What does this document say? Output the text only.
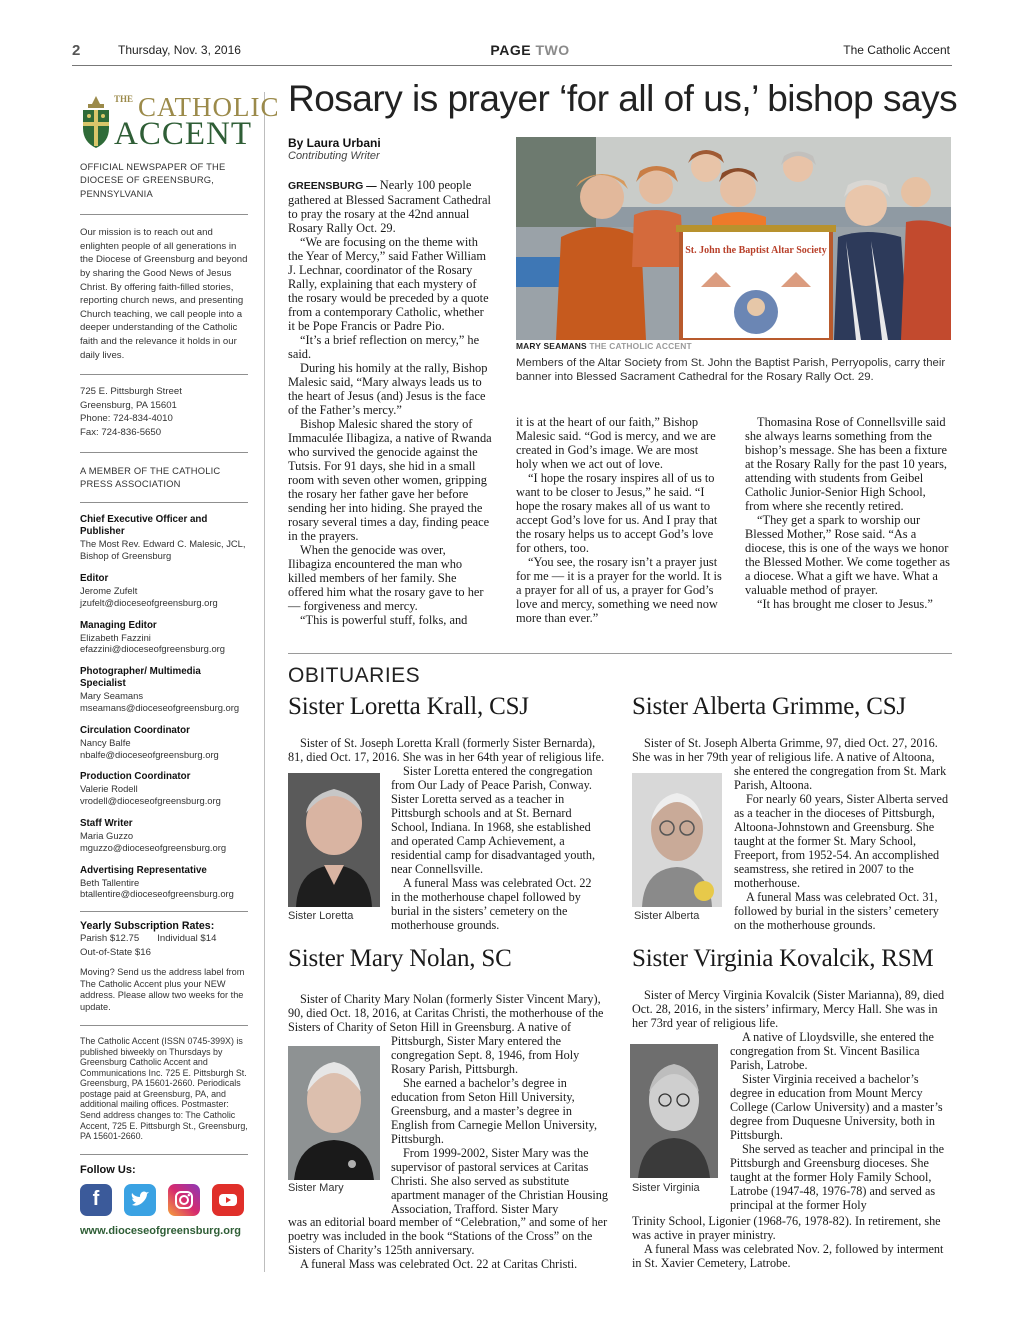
2	Thursday, Nov. 3, 2016	PAGE TWO	The Catholic Accent
THE CATHOLIC
ACCENT
OFFICIAL NEWSPAPER OF THE DIOCESE OF GREENSBURG, PENNSYLVANIA
Our mission is to reach out and enlighten people of all generations in the Diocese of Greensburg and beyond by sharing the Good News of Jesus Christ. By offering faith-filled stories, reporting church news, and presenting Church teaching, we call people into a deeper understanding of the Catholic faith and the relevance it holds in our daily lives.
725 E. Pittsburgh Street
Greensburg, PA 15601
Phone: 724-834-4010
Fax: 724-836-5650
A MEMBER OF THE CATHOLIC PRESS ASSOCIATION
Chief Executive Officer and Publisher
The Most Rev. Edward C. Malesic, JCL,
Bishop of Greensburg
Editor
Jerome Zufelt
jzufelt@dioceseofgreensburg.org
Managing Editor
Elizabeth Fazzini
efazzini@dioceseofgreensburg.org
Photographer/ Multimedia Specialist
Mary Seamans
mseamans@dioceseofgreensburg.org
Circulation Coordinator
Nancy Balfe
nbalfe@dioceseofgreensburg.org
Production Coordinator
Valerie Rodell
vrodell@dioceseofgreensburg.org
Staff Writer
Maria Guzzo
mguzzo@dioceseofgreensburg.org
Advertising Representative
Beth Tallentire
btallentire@dioceseofgreensburg.org
Yearly Subscription Rates:
Parish $12.75 Individual $14
Out-of-State $16
Moving? Send us the address label from The Catholic Accent plus your NEW address. Please allow two weeks for the update.
The Catholic Accent (ISSN 0745-399X) is published biweekly on Thursdays by Greensburg Catholic Accent and Communications Inc. 725 E. Pittsburgh St. Greensburg, PA 15601-2660. Periodicals postage paid at Greensburg, PA, and additional mailing offices. Postmaster: Send address changes to: The Catholic Accent, 725 E. Pittsburgh St., Greensburg, PA 15601-2660.
Follow Us:
f
www.dioceseofgreensburg.org
Rosary is prayer ‘for all of us,’ bishop says
By Laura Urbani
Contributing Writer

GREENSBURG — Nearly 100 people gathered at Blessed Sacrament Cathedral to pray the rosary at the 42nd annual Rosary Rally Oct. 29.

“We are focusing on the theme with the Year of Mercy,” said Father William J. Lechnar, coordinator of the Rosary Rally, explaining that each mystery of the rosary would be preceded by a quote from a contemporary Catholic, whether it be Pope Francis or Padre Pio.

“It’s a brief reflection on mercy,” he said.

During his homily at the rally, Bishop Malesic said, “Mary always leads us to the heart of Jesus (and) Jesus is the face of the Father’s mercy.”

Bishop Malesic shared the story of Immaculée Ilibagiza, a native of Rwanda who survived the genocide against the Tutsis. For 91 days, she hid in a small room with seven other women, gripping the rosary her father gave her before sending her into hiding. She prayed the rosary several times a day, finding peace in the prayers.

When the genocide was over, Ilibagiza encountered the man who killed members of her family. She offered him what the rosary gave to her — forgiveness and mercy.

“This is powerful stuff, folks, and

St. John the Baptist Altar Society
MARY SEAMANS THE CATHOLIC ACCENT
Members of the Altar Society from St. John the Baptist Parish, Perryopolis, carry their banner into Blessed Sacrament Cathedral for the Rosary Rally Oct. 29.

it is at the heart of our faith,” Bishop Malesic said. “God is mercy, and we are created in God’s image. We are most holy when we act out of love.

“I hope the rosary inspires all of us to want to be closer to Jesus,” he said. “I hope the rosary makes all of us want to accept God’s love for us. And I pray that the rosary helps us to accept God’s love for others, too.

“You see, the rosary isn’t a prayer just for me — it is a prayer for the world. It is a prayer for all of us, a prayer for God’s love and mercy, something we need now more than ever.”

Thomasina Rose of Connellsville said she always learns something from the bishop’s message. She has been a fixture at the Rosary Rally for the past 10 years, attending with students from Geibel Catholic Junior-Senior High School, from where she recently retired.

“They get a spark to worship our Blessed Mother,” Rose said. “As a diocese, this is one of the ways we honor the Blessed Mother. We come together as a diocese. What a gift we have. What a valuable method of prayer.

“It has brought me closer to Jesus.”

OBITUARIES
Sister Loretta Krall, CSJ
Sister of St. Joseph Loretta Krall (formerly Sister Bernarda), 81, died Oct. 17, 2016. She was in her 64th year of religious life.
Sister Loretta

Sister Loretta entered the congregation from Our Lady of Peace Parish, Conway. Sister Loretta served as a teacher in Pittsburgh schools and at St. Bernard School, Indiana. In 1968, she established and operated Camp Achievement, a residential camp for disadvantaged youth, near Connellsville.

A funeral Mass was celebrated Oct. 22 in the motherhouse chapel followed by burial in the sisters’ cemetery on the motherhouse grounds.

Sister Alberta Grimme, CSJ
Sister of St. Joseph Alberta Grimme, 97, died Oct. 27, 2016. She was in her 79th year of religious life. A native of Altoona,
Sister Alberta

she entered the congregation from St. Mark Parish, Altoona.

For nearly 60 years, Sister Alberta served as a teacher in the dioceses of Pittsburgh, Altoona-Johnstown and Greensburg. She taught at the former St. Mary School, Freeport, from 1952-54. An accomplished seamstress, she retired in 2007 to the motherhouse.

A funeral Mass was celebrated Oct. 31, followed by burial in the sisters’ cemetery on the motherhouse grounds.

Sister Mary Nolan, SC
Sister of Charity Mary Nolan (formerly Sister Vincent Mary), 90, died Oct. 18, 2016, at Caritas Christi, the motherhouse of the Sisters of Charity of Seton Hill in Greensburg. A native of
Sister Mary

Pittsburgh, Sister Mary entered the congregation Sept. 8, 1946, from Holy Rosary Parish, Pittsburgh.

She earned a bachelor’s degree in education from Seton Hill University, Greensburg, and a master’s degree in English from Carnegie Mellon University, Pittsburgh.

From 1999-2002, Sister Mary was the supervisor of pastoral services at Caritas Christi. She also served as substitute apartment manager of the Christian Housing Association, Trafford. Sister Mary

was an editorial board member of “Celebration,” and some of her poetry was included in the book “Stations of the Cross” on the Sisters of Charity’s 125th anniversary.

A funeral Mass was celebrated Oct. 22 at Caritas Christi.

Sister Virginia Kovalcik, RSM
Sister of Mercy Virginia Kovalcik (Sister Marianna), 89, died Oct. 28, 2016, in the sisters’ infirmary, Mercy Hall. She was in her 73rd year of religious life.
Sister Virginia

A native of Lloydsville, she entered the congregation from St. Vincent Basilica Parish, Latrobe.

Sister Virginia received a bachelor’s degree in education from Mount Mercy College (Carlow University) and a master’s degree from Duquesne University, both in Pittsburgh.

She served as teacher and principal in the Pittsburgh and Greensburg dioceses. She taught at the former Holy Family School, Latrobe (1947-48, 1976-78) and served as principal at the former Holy

Trinity School, Ligonier (1968-76, 1978-82). In retirement, she was active in prayer ministry.

A funeral Mass was celebrated Nov. 2, followed by interment in St. Xavier Cemetery, Latrobe.
